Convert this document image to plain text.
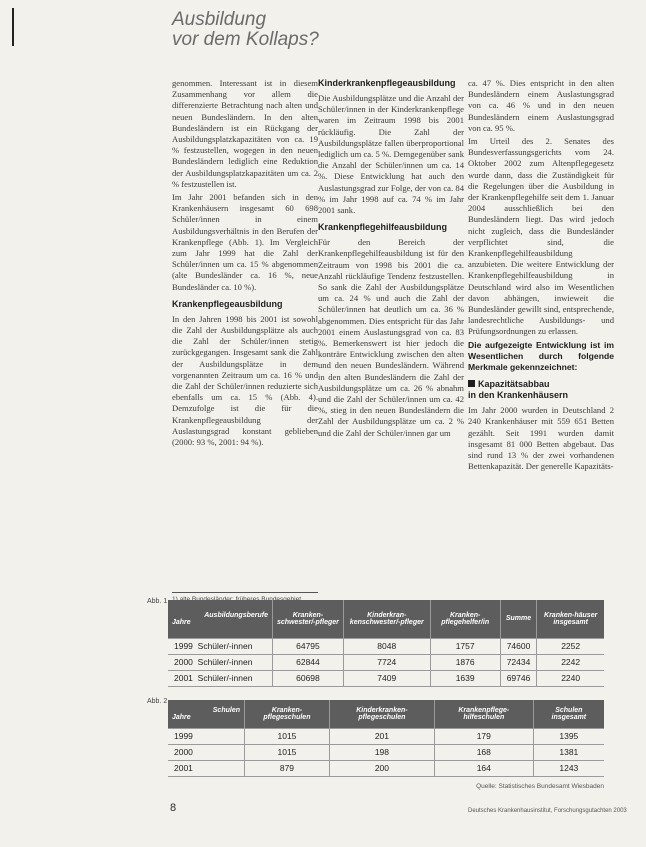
Ausbildung
vor dem Kollaps?

genommen. Interessant ist in diesem Zusammenhang vor allem die differenzierte Betrachtung nach alten und neuen Bundesländern. In den alten Bundesländern ist ein Rückgang der Ausbildungsplatzkapazitäten von ca. 19 % festzustellen, wogegen in den neuen Bundesländern lediglich eine Reduktion der Ausbildungsplatzkapazitäten um ca. 2 % festzustellen ist.

Im Jahr 2001 befanden sich in den Krankenhäusern insgesamt 60 698 Schüler/innen in einem Ausbildungsverhältnis in den Berufen der Krankenpflege (Abb. 1). Im Vergleich zum Jahr 1999 hat die Zahl der Schüler/innen um ca. 15 % abgenommen (alte Bundesländer ca. 16 %, neue Bundesländer ca. 10 %).

Krankenpflegeausbildung

In den Jahren 1998 bis 2001 ist sowohl die Zahl der Ausbildungsplätze als auch die Zahl der Schüler/innen stetig zurückgegangen. Insgesamt sank die Zahl der Ausbildungsplätze in dem vorgenannten Zeitraum um ca. 16 % und die Zahl der Schüler/innen reduzierte sich ebenfalls um ca. 15 % (Abb. 4). Demzufolge ist die für die Krankenpflegeausbildung der Auslastungsgrad konstant geblieben (2000: 93 %, 2001: 94 %).

Kinderkrankenpflegeausbildung

Die Ausbildungsplätze und die Anzahl der Schüler/innen in der Kinderkrankenpflege waren im Zeitraum 1998 bis 2001 rückläufig. Die Zahl der Ausbildungsplätze fallen überproportional lediglich um ca. 5 %. Demgegenüber sank die Anzahl der Schüler/innen um ca. 14 %. Diese Entwicklung hat auch den Auslastungsgrad zur Folge, der von ca. 84 % im Jahr 1998 auf ca. 74 % im Jahr 2001 sank.

Krankenpflegehilfeausbildung

Für den Bereich der Krankenpflegehilfeausbildung ist für den Zeitraum von 1998 bis 2001 die ca. Anzahl rückläufige Tendenz festzustellen. So sank die Zahl der Ausbildungsplätze um ca. 24 % und auch die Zahl der Schüler/innen hat deutlich um ca. 36 % abgenommen. Dies entspricht für das Jahr 2001 einem Auslastungsgrad von ca. 83 %. Bemerkenswert ist hier jedoch die konträre Entwicklung zwischen den alten und den neuen Bundesländern. Während in den alten Bundesländern die Zahl der Ausbildungsplätze um ca. 26 % abnahm und die Zahl der Schüler/innen um ca. 42 %, stieg in den neuen Bundesländern die Zahl der Ausbildungsplätze um ca. 2 % und die Zahl der Schüler/innen gar um

ca. 47 %. Dies entspricht in den alten Bundesländern einem Auslastungsgrad von ca. 46 % und in den neuen Bundesländern einem Auslastungsgrad von ca. 95 %.

Im Urteil des 2. Senates des Bundesverfassungsgerichts vom 24. Oktober 2002 zum Altenpflegegesetz wurde dann, dass die Zuständigkeit für die Regelungen über die Ausbildung in der Krankenpflegehilfe seit dem 1. Januar 2004 ausschließlich bei den Bundesländern liegt. Das wird jedoch nicht zugleich, dass die Bundesländer verpflichtet sind, die Krankenpflegehilfeausbildung anzubieten. Die weitere Entwicklung der Krankenpflegehilfeausbildung in Deutschland wird also im Wesentlichen davon abhängen, inwieweit die Bundesländer gewillt sind, entsprechende, landesrechtliche Ausbildungs- und Prüfungsordnungen zu erlassen.

Die aufgezeigte Entwicklung ist im Wesentlichen durch folgende Merkmale gekennzeichnet:

Kapazitätsabbau
in den Krankenhäusern

Im Jahr 2000 wurden in Deutschland 2 240 Krankenhäuser mit 559 651 Betten gezählt. Seit 1991 wurden damit insgesamt 81 000 Betten abgebaut. Das sind rund 13 % der zwei vorhandenen Bettenkapazität. Der generelle Kapazitäts-

Abb. 1
Ausbildungsberufe
Jahre	Kranken-schwester/-pfleger	Kinderkran-kenschwester/-pfleger	Kranken-pflegehelfer/in	Summe	Kranken-häuser insgesamt
1999 Schüler/-innen	64795	8048	1757	74600	2252
2000 Schüler/-innen	62844	7724	1876	72434	2242
2001 Schüler/-innen	60698	7409	1639	69746	2240
Abb. 2
Schulen
Jahre	Kranken-pflegeschulen	Kinderkranken-pflegeschulen	Krankenpflege-hilfeschulen	Schulen insgesamt
1999	1015	201	179	1395
2000	1015	198	168	1381
2001	879	200	164	1243
Quelle: Statistisches Bundesamt Wiesbaden
8	Deutsches Krankenhausinstitut, Forschungsgutachten 2003
